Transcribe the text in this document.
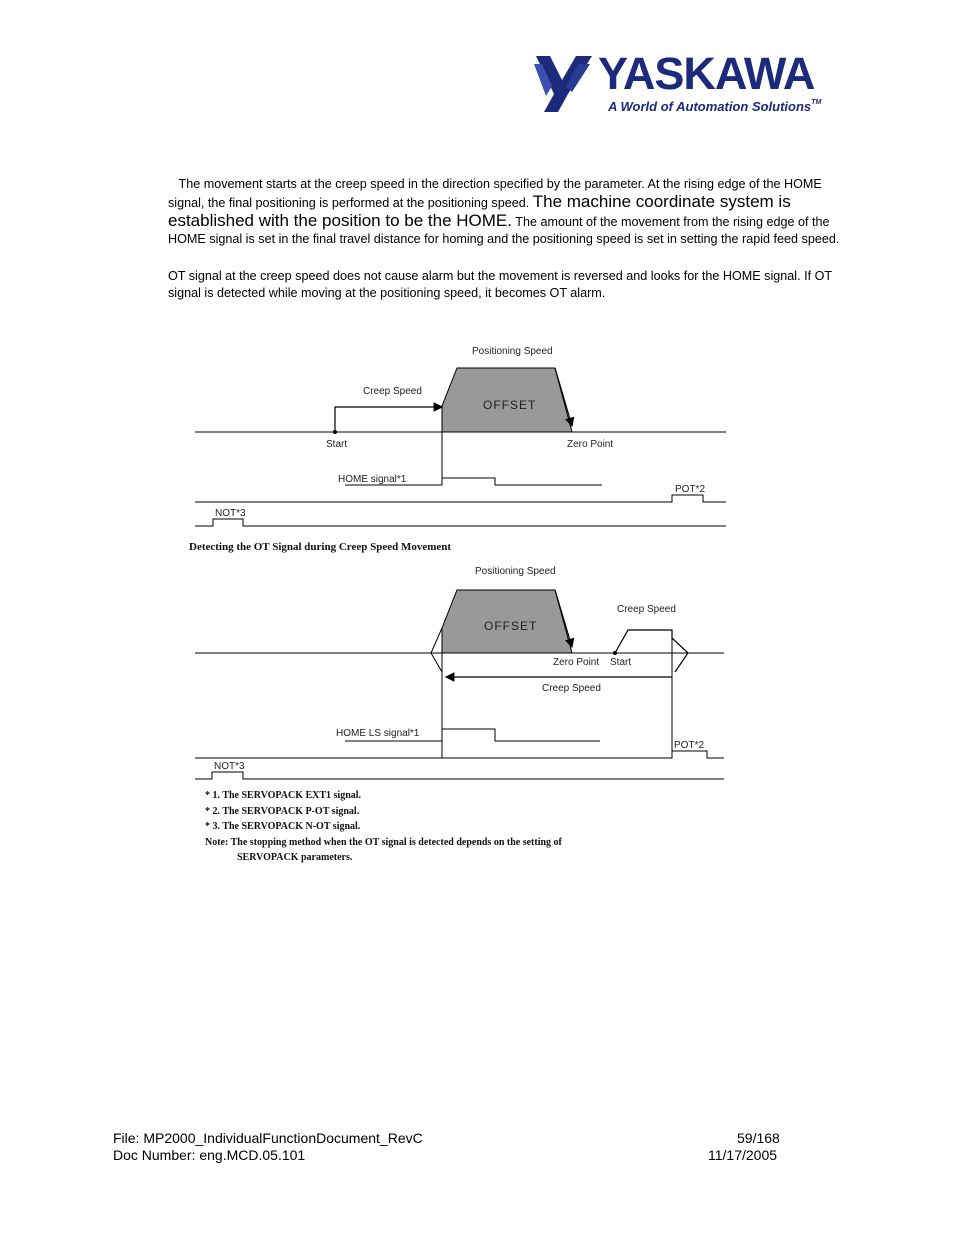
YASKAWA
A World of Automation Solutions™
The movement starts at the creep speed in the direction specified by the parameter. At the rising edge of the HOME signal, the final positioning is performed at the positioning speed. The machine coordinate system is established with the position to be the HOME. The amount of the movement from the rising edge of the HOME signal is set in the final travel distance for homing and the positioning speed is set in setting the rapid feed speed.
OT signal at the creep speed does not cause alarm but the movement is reversed and looks for the HOME signal. If OT signal is detected while moving at the positioning speed, it becomes OT alarm.
Positioning Speed
Creep Speed
OFFSET
Start	Zero Point
HOME signal*1
POT*2
NOT*3
Detecting the OT Signal during Creep Speed Movement
Positioning Speed
Creep Speed
OFFSET
Zero Point Start
Creep Speed
HOME LS signal*1
POT*2
NOT*3
* 1. The SERVOPACK EXT1 signal.
* 2. The SERVOPACK P-OT signal.
* 3. The SERVOPACK N-OT signal.
Note: The stopping method when the OT signal is detected depends on the setting of
SERVOPACK parameters.
File: MP2000_IndividualFunctionDocument_RevC
Doc Number: eng.MCD.05.101
59/168
11/17/2005
